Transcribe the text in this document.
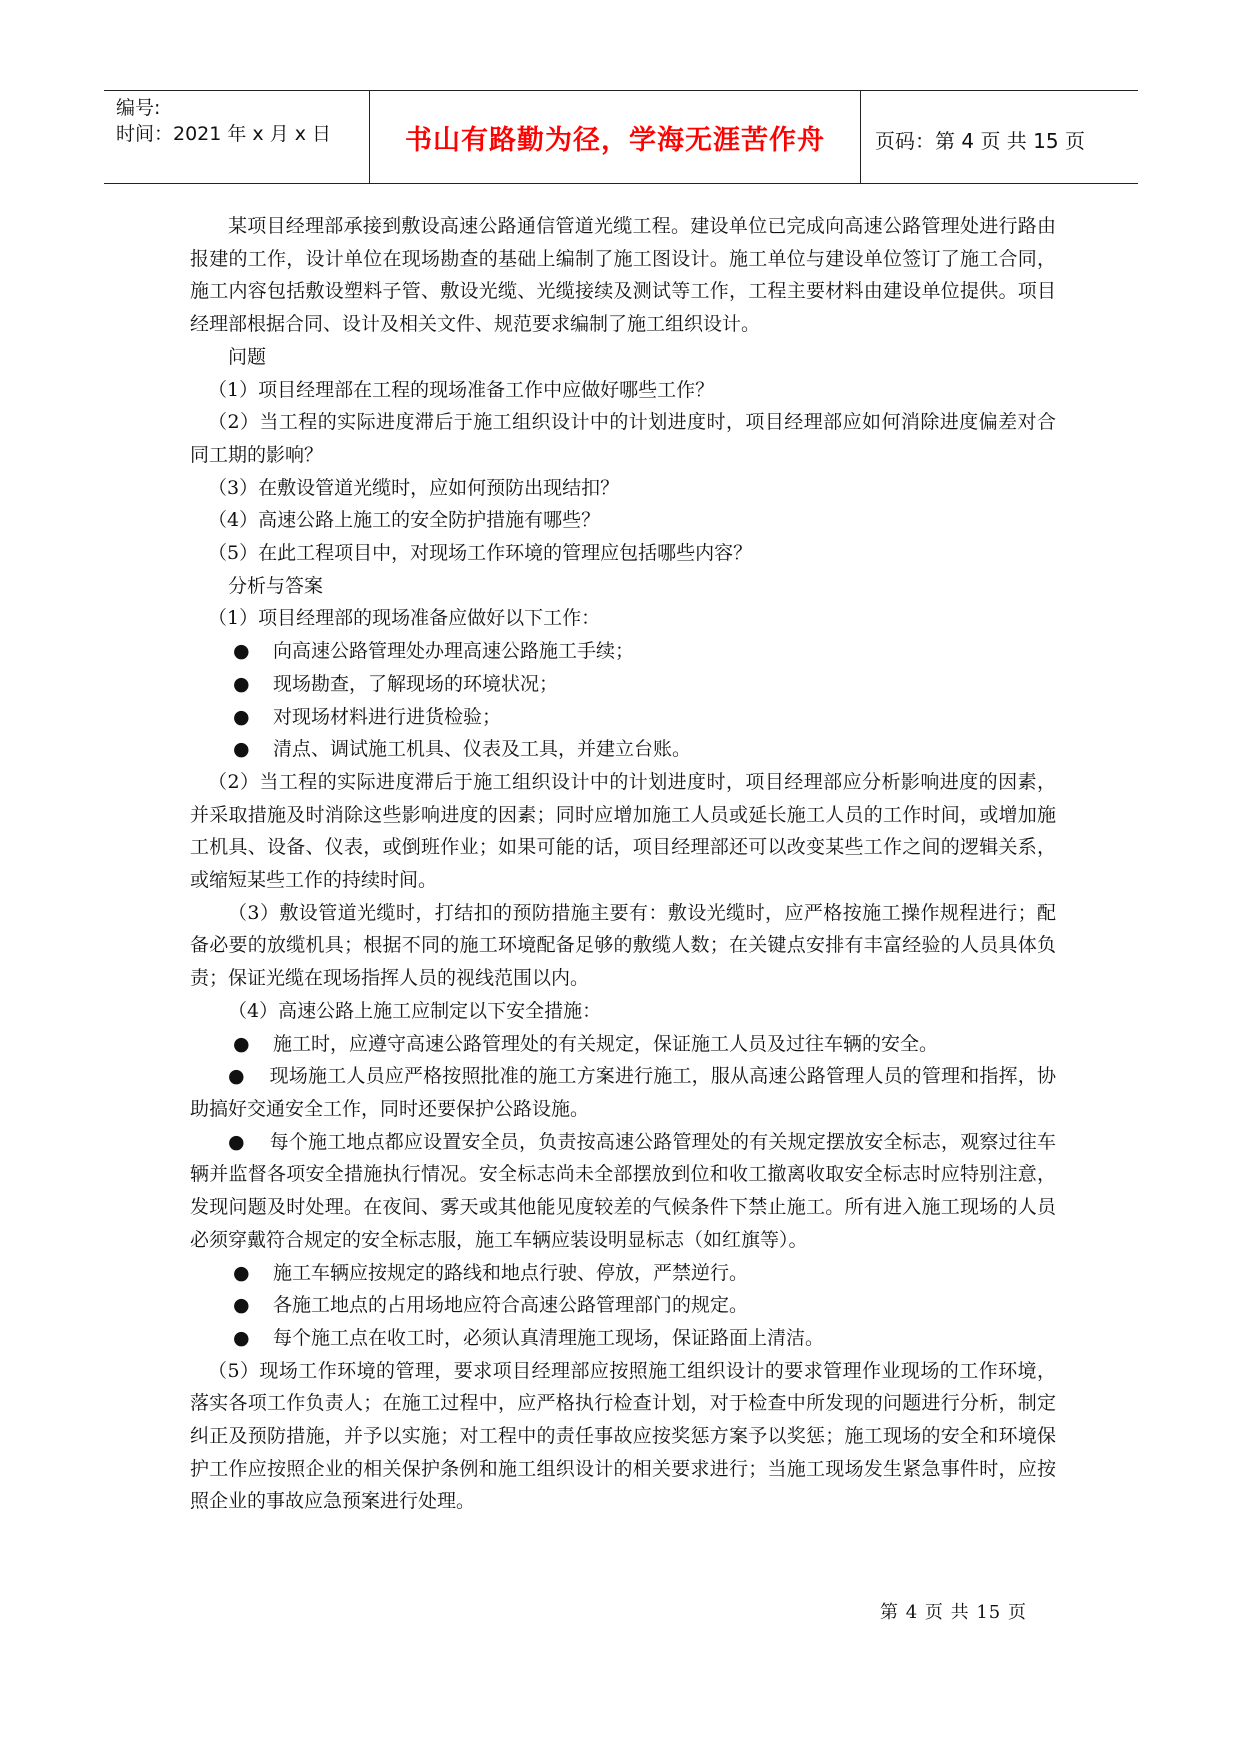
编号:
时间：2021 年 x 月 x 日	书山有路勤为径，学海无涯苦作舟	页码：第 4 页 共 15 页

某项目经理部承接到敷设高速公路通信管道光缆工程。建设单位已完成向高速公路管理处进行路由报建的工作，设计单位在现场勘查的基础上编制了施工图设计。施工单位与建设单位签订了施工合同，施工内容包括敷设塑料子管、敷设光缆、光缆接续及测试等工作，工程主要材料由建设单位提供。项目经理部根据合同、设计及相关文件、规范要求编制了施工组织设计。

问题

（1）项目经理部在工程的现场准备工作中应做好哪些工作？

（2）当工程的实际进度滞后于施工组织设计中的计划进度时，项目经理部应如何消除进度偏差对合同工期的影响？

（3）在敷设管道光缆时，应如何预防出现结扣？

（4）高速公路上施工的安全防护措施有哪些？

（5）在此工程项目中，对现场工作环境的管理应包括哪些内容？

分析与答案

（1）项目经理部的现场准备应做好以下工作：

●	向高速公路管理处办理高速公路施工手续；

●	现场勘查，了解现场的环境状况；

●	对现场材料进行进货检验；

●	清点、调试施工机具、仪表及工具，并建立台账。

（2）当工程的实际进度滞后于施工组织设计中的计划进度时，项目经理部应分析影响进度的因素，并采取措施及时消除这些影响进度的因素；同时应增加施工人员或延长施工人员的工作时间，或增加施工机具、设备、仪表，或倒班作业；如果可能的话，项目经理部还可以改变某些工作之间的逻辑关系，或缩短某些工作的持续时间。

（3）敷设管道光缆时，打结扣的预防措施主要有：敷设光缆时，应严格按施工操作规程进行；配备必要的放缆机具；根据不同的施工环境配备足够的敷缆人数；在关键点安排有丰富经验的人员具体负责；保证光缆在现场指挥人员的视线范围以内。

（4）高速公路上施工应制定以下安全措施：

●	施工时，应遵守高速公路管理处的有关规定，保证施工人员及过往车辆的安全。

● 现场施工人员应严格按照批准的施工方案进行施工，服从高速公路管理人员的管理和指挥，协助搞好交通安全工作，同时还要保护公路设施。

● 每个施工地点都应设置安全员，负责按高速公路管理处的有关规定摆放安全标志，观察过往车辆并监督各项安全措施执行情况。安全标志尚未全部摆放到位和收工撤离收取安全标志时应特别注意，发现问题及时处理。在夜间、雾天或其他能见度较差的气候条件下禁止施工。所有进入施工现场的人员必须穿戴符合规定的安全标志服，施工车辆应装设明显标志（如红旗等）。

●	施工车辆应按规定的路线和地点行驶、停放，严禁逆行。

●	各施工地点的占用场地应符合高速公路管理部门的规定。

●	每个施工点在收工时，必须认真清理施工现场，保证路面上清洁。

（5）现场工作环境的管理，要求项目经理部应按照施工组织设计的要求管理作业现场的工作环境，落实各项工作负责人；在施工过程中，应严格执行检查计划，对于检查中所发现的问题进行分析，制定纠正及预防措施，并予以实施；对工程中的责任事故应按奖惩方案予以奖惩；施工现场的安全和环境保护工作应按照企业的相关保护条例和施工组织设计的相关要求进行；当施工现场发生紧急事件时，应按照企业的事故应急预案进行处理。

第 4 页 共 15 页
